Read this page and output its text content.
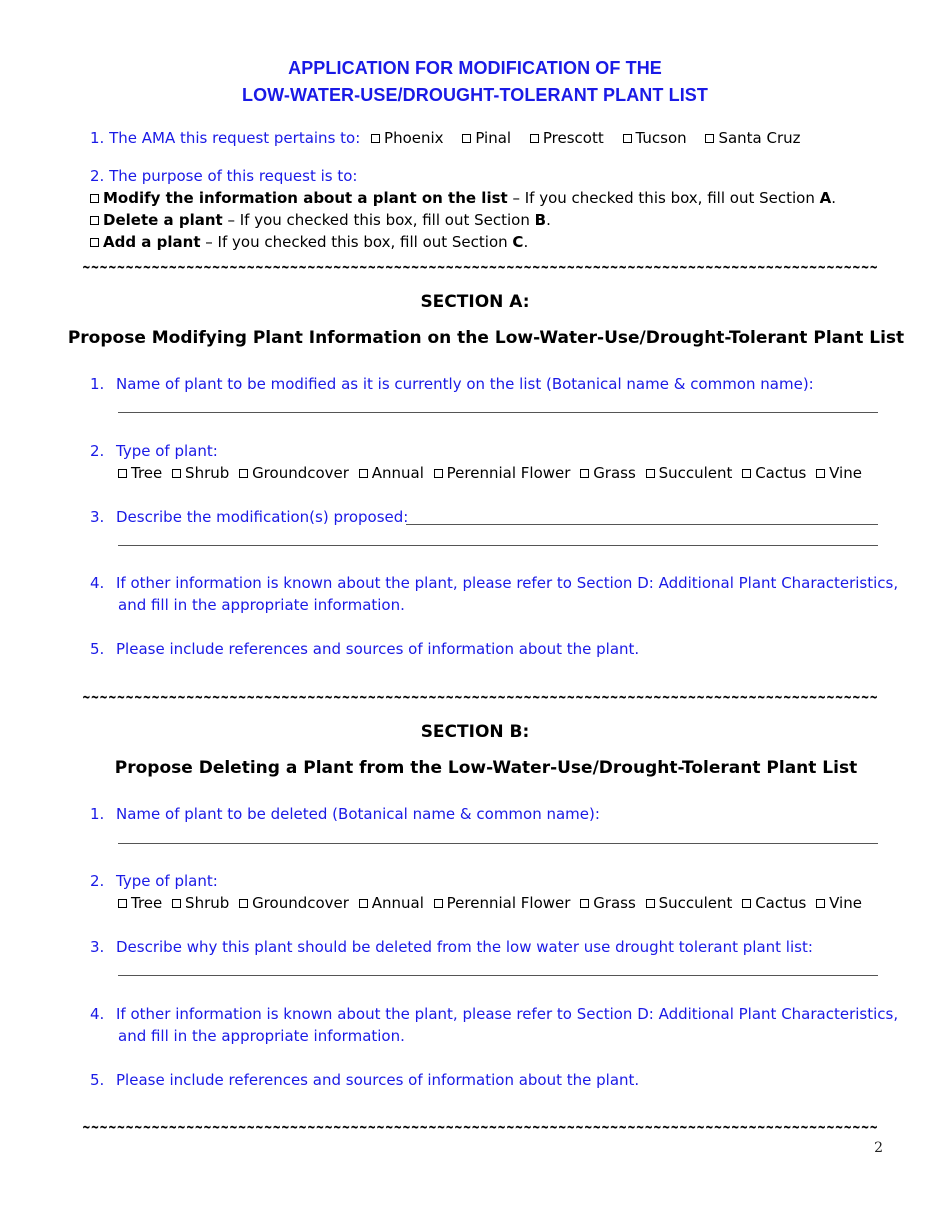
APPLICATION FOR MODIFICATION OF THE
LOW-WATER-USE/DROUGHT-TOLERANT PLANT LIST
1. The AMA this request pertains to: Phoenix Pinal Prescott Tucson Santa Cruz
2. The purpose of this request is to:
Modify the information about a plant on the list – If you checked this box, fill out Section A.
Delete a plant – If you checked this box, fill out Section B.
Add a plant – If you checked this box, fill out Section C.
~~~~~~~~~~~~~~~~~~~~~~~~~~~~~~~~~~~~~~~~~~~~~~~~~~~~~~~~~~~~~~~~~~~~~~~~~~~~~~~~~~~~~~~~~~~~
SECTION A:
Propose Modifying Plant Information on the Low-Water-Use/Drought-Tolerant Plant List
1. Name of plant to be modified as it is currently on the list (Botanical name & common name):
2. Type of plant:
Tree Shrub Groundcover Annual Perennial Flower Grass Succulent Cactus Vine
3. Describe the modification(s) proposed:
4. If other information is known about the plant, please refer to Section D: Additional Plant Characteristics,
and fill in the appropriate information.
5. Please include references and sources of information about the plant.
~~~~~~~~~~~~~~~~~~~~~~~~~~~~~~~~~~~~~~~~~~~~~~~~~~~~~~~~~~~~~~~~~~~~~~~~~~~~~~~~~~~~~~~~~~~~
SECTION B:
Propose Deleting a Plant from the Low-Water-Use/Drought-Tolerant Plant List
1. Name of plant to be deleted (Botanical name & common name):
2. Type of plant:
Tree Shrub Groundcover Annual Perennial Flower Grass Succulent Cactus Vine
3. Describe why this plant should be deleted from the low water use drought tolerant plant list:
4. If other information is known about the plant, please refer to Section D: Additional Plant Characteristics,
and fill in the appropriate information.
5. Please include references and sources of information about the plant.
~~~~~~~~~~~~~~~~~~~~~~~~~~~~~~~~~~~~~~~~~~~~~~~~~~~~~~~~~~~~~~~~~~~~~~~~~~~~~~~~~~~~~~~~~~~~
2
